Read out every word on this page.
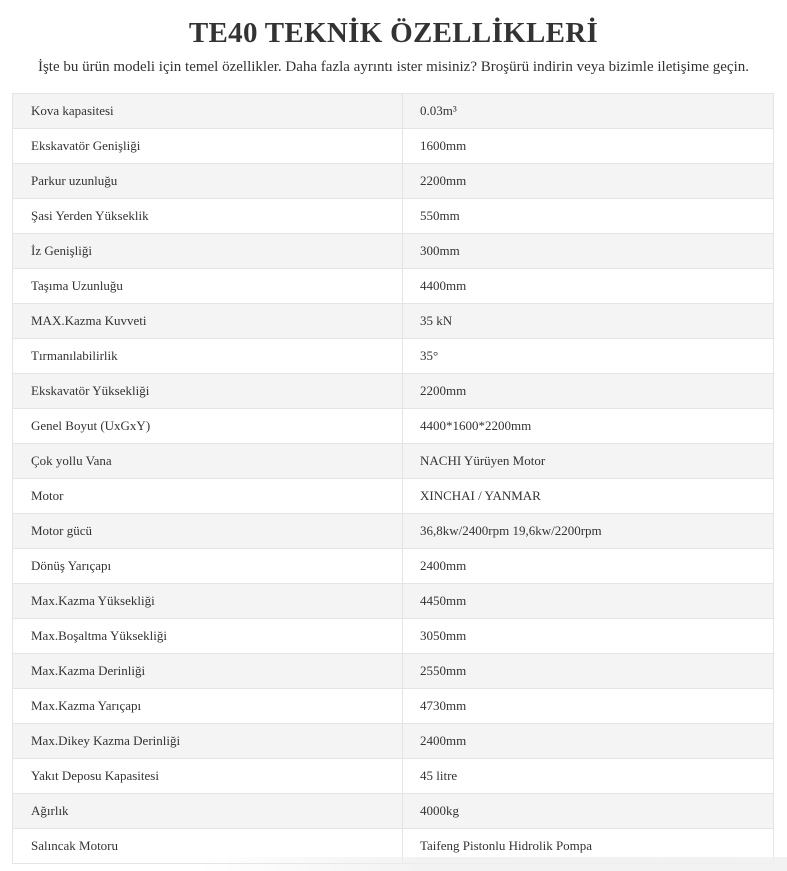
TE40 TEKNİK ÖZELLİKLERİ

İşte bu ürün modeli için temel özellikler. Daha fazla ayrıntı ister misiniz? Broşürü indirin veya bizimle iletişime geçin.

Kova kapasitesi	0.03m³
Ekskavatör Genişliği	1600mm
Parkur uzunluğu	2200mm
Şasi Yerden Yükseklik	550mm
İz Genişliği	300mm
Taşıma Uzunluğu	4400mm
MAX.Kazma Kuvveti	35 kN
Tırmanılabilirlik	35°
Ekskavatör Yüksekliği	2200mm
Genel Boyut (UxGxY)	4400*1600*2200mm
Çok yollu Vana	NACHI Yürüyen Motor
Motor	XINCHAI / YANMAR
Motor gücü	36,8kw/2400rpm 19,6kw/2200rpm
Dönüş Yarıçapı	2400mm
Max.Kazma Yüksekliği	4450mm
Max.Boşaltma Yüksekliği	3050mm
Max.Kazma Derinliği	2550mm
Max.Kazma Yarıçapı	4730mm
Max.Dikey Kazma Derinliği	2400mm
Yakıt Deposu Kapasitesi	45 litre
Ağırlık	4000kg
Salıncak Motoru	Taifeng Pistonlu Hidrolik Pompa
